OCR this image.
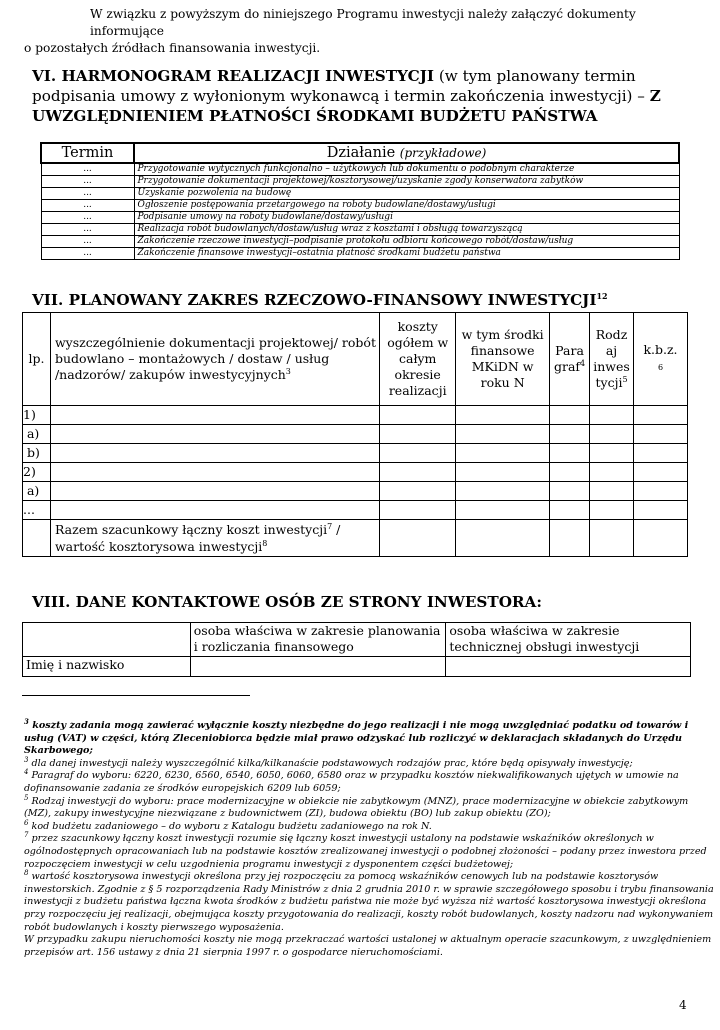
W związku z powyższym do niniejszego Programu inwestycji należy załączyć dokumenty informujące
o pozostałych źródłach finansowania inwestycji.
VI. HARMONOGRAM REALIZACJI INWESTYCJI (w tym planowany termin podpisania umowy z wyłonionym wykonawcą i termin zakończenia inwestycji) – Z UWZGLĘDNIENIEM PŁATNOŚCI ŚRODKAMI BUDŻETU PAŃSTWA
Termin	Działanie (przykładowe)
...	Przygotowanie wytycznych funkcjonalno – użytkowych lub dokumentu o podobnym charakterze
...	Przygotowanie dokumentacji projektowej/kosztorysowej/uzyskanie zgody konserwatora zabytków
...	Uzyskanie pozwolenia na budowę
...	Ogłoszenie postępowania przetargowego na roboty budowlane/dostawy/usługi
...	Podpisanie umowy na roboty budowlane/dostawy/usługi
...	Realizacja robót budowlanych/dostaw/usług wraz z kosztami i obsługą towarzyszącą
...	Zakończenie rzeczowe inwestycji–podpisanie protokołu odbioru końcowego robót/dostaw/usług
...	Zakończenie finansowe inwestycji–ostatnia płatność środkami budżetu państwa
VII. PLANOWANY ZAKRES RZECZOWO-FINANSOWY INWESTYCJI$^{12}$
lp.	wyszczególnienie dokumentacji projektowej/ robót budowlano – montażowych / dostaw / usług /nadzorów/ zakupów inwestycyjnych$^3$	koszty ogółem w całym okresie realizacji	w tym środki finansowe MKiDN w roku N	Para graf$^4$	Rodz aj inwes tycji$^5$	k.b.z.
6
1)						
a)						
b)						
2)						
a)						
...						
	Razem szacunkowy łączny koszt inwestycji$^7$ / wartość kosztorysowa inwestycji$^8$					
VIII. DANE KONTAKTOWE OSÓB ZE STRONY INWESTORA:
	osoba właściwa w zakresie planowania i rozliczania finansowego	osoba właściwa w zakresie technicznej obsługi inwestycji
Imię i nazwisko		

$^3$ koszty zadania mogą zawierać wyłącznie koszty niezbędne do jego realizacji i nie mogą uwzględniać podatku od towarów i usług (VAT) w części, którą Zleceniobiorca będzie miał prawo odzyskać lub rozliczyć w deklaracjach składanych do Urzędu Skarbowego;

$^3$ dla danej inwestycji należy wyszczególnić kilka/kilkanaście podstawowych rodzajów prac, które będą opisywały inwestycję;

$^4$ Paragraf do wyboru: 6220, 6230, 6560, 6540, 6050, 6060, 6580 oraz w przypadku kosztów niekwalifikowanych ujętych w umowie na dofinansowanie zadania ze środków europejskich 6209 lub 6059;

$^5$ Rodzaj inwestycji do wyboru: prace modernizacyjne w obiekcie nie zabytkowym (MNZ), prace modernizacyjne w obiekcie zabytkowym (MZ), zakupy inwestycyjne niezwiązane z budownictwem (ZI), budowa obiektu (BO) lub zakup obiektu (ZO);

$^6$ kod budżetu zadaniowego – do wyboru z Katalogu budżetu zadaniowego na rok N.

$^7$ przez szacunkowy łączny koszt inwestycji rozumie się łączny koszt inwestycji ustalony na podstawie wskaźników określonych w ogólnodostępnych opracowaniach lub na podstawie kosztów zrealizowanej inwestycji o podobnej złożoności – podany przez inwestora przed rozpoczęciem inwestycji w celu uzgodnienia programu inwestycji z dysponentem części budżetowej;

$^8$ wartość kosztorysowa inwestycji określona przy jej rozpoczęciu za pomocą wskaźników cenowych lub na podstawie kosztorysów inwestorskich. Zgodnie z § 5 rozporządzenia Rady Ministrów z dnia 2 grudnia 2010 r. w sprawie szczegółowego sposobu i trybu finansowania inwestycji z budżetu państwa łączna kwota środków z budżetu państwa nie może być wyższa niż wartość kosztorysowa inwestycji określona przy rozpoczęciu jej realizacji, obejmująca koszty przygotowania do realizacji, koszty robót budowlanych, koszty nadzoru nad wykonywaniem robót budowlanych i koszty pierwszego wyposażenia.

W przypadku zakupu nieruchomości koszty nie mogą przekraczać wartości ustalonej w aktualnym operacie szacunkowym, z uwzględnieniem przepisów art. 156 ustawy z dnia 21 sierpnia 1997 r. o gospodarce nieruchomościami.

4
